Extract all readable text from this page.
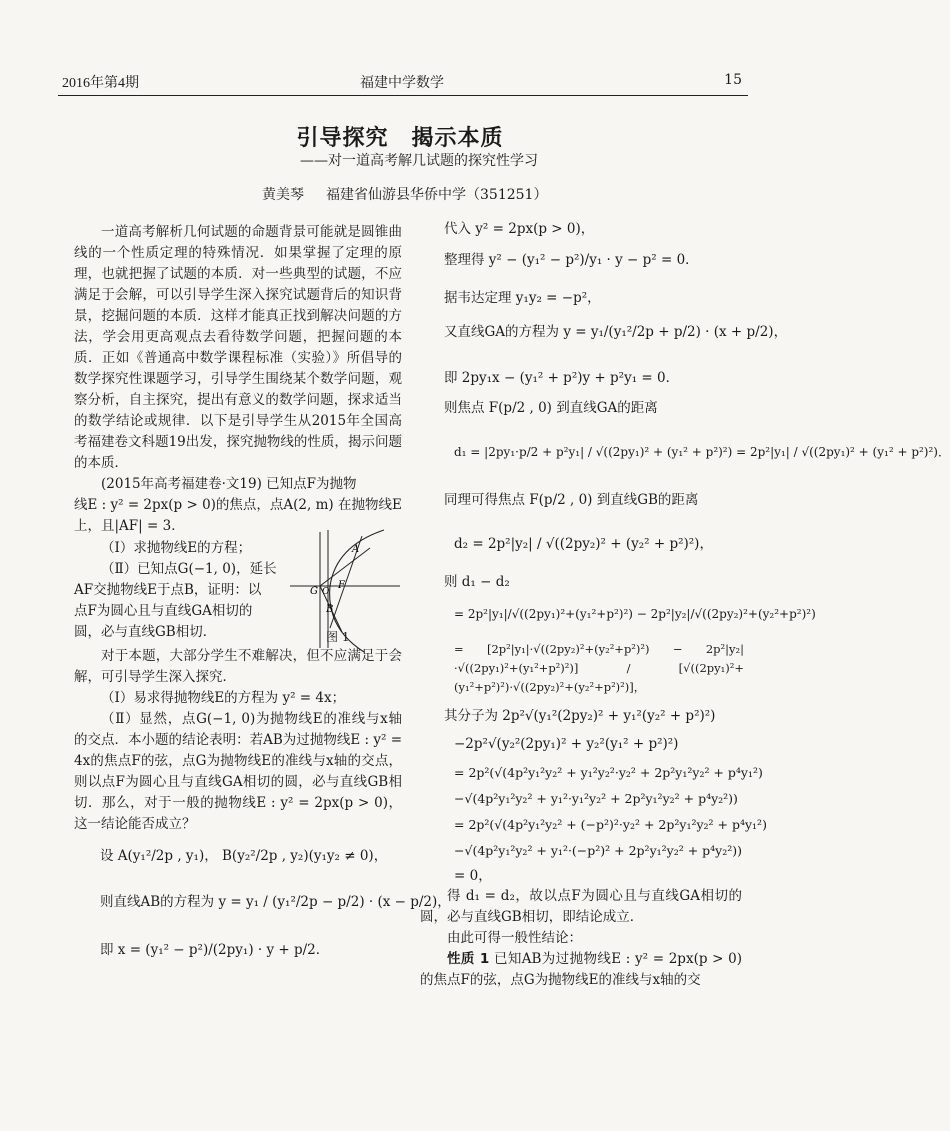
2016年第4期	福建中学数学	15
引导探究　揭示本质
——对一道高考解几试题的探究性学习
黄美琴 福建省仙游县华侨中学（351251）

一道高考解析几何试题的命题背景可能就是圆锥曲线的一个性质定理的特殊情况．如果掌握了定理的原理，也就把握了试题的本质．对一些典型的试题，不应满足于会解，可以引导学生深入探究试题背后的知识背景，挖掘问题的本质．这样才能真正找到解决问题的方法，学会用更高观点去看待数学问题，把握问题的本质．正如《普通高中数学课程标准（实验）》所倡导的数学探究性课题学习，引导学生围绕某个数学问题，观察分析，自主探究，提出有意义的数学问题，探求适当的数学结论或规律．以下是引导学生从2015年全国高考福建卷文科题19出发，探究抛物线的性质，揭示问题的本质．

(2015年高考福建卷·文19) 已知点F为抛物

线E : y² = 2px(p > 0)的焦点，点A(2, m) 在抛物线E

上，且|AF| = 3．

（Ⅰ）求抛物线E的方程；

（Ⅱ）已知点G(−1, 0)，延长

AF交抛物线E于点B，证明：以

点F为圆心且与直线GA相切的

圆，必与直线GB相切．

A
G O
F
B
图 1

对于本题，大部分学生不难解决，但不应满足于会解，可引导学生深入探究．

（Ⅰ）易求得抛物线E的方程为 y² = 4x；

（Ⅱ）显然，点G(−1, 0)为抛物线E的准线与x轴的交点．本小题的结论表明：若AB为过抛物线E : y² = 4x的焦点F的弦，点G为抛物线E的准线与x轴的交点，则以点F为圆心且与直线GA相切的圆，必与直线GB相切．那么，对于一般的抛物线E : y² = 2px(p > 0)，这一结论能否成立？

设 A(y₁²/2p , y₁)， B(y₂²/2p , y₂)(y₁y₂ ≠ 0)，
则直线AB的方程为 y = y₁ / (y₁²/2p − p/2) · (x − p/2)，
即 x = (y₁² − p²)/(2py₁) · y + p/2．
代入 y² = 2px(p > 0)，
整理得 y² − (y₁² − p²)/y₁ · y − p² = 0．
据韦达定理 y₁y₂ = −p²，
又直线GA的方程为 y = y₁/(y₁²/2p + p/2) · (x + p/2)，
即 2py₁x − (y₁² + p²)y + p²y₁ = 0．
则焦点 F(p/2 , 0) 到直线GA的距离
d₁ = |2py₁·p/2 + p²y₁| / √((2py₁)² + (y₁² + p²)²) = 2p²|y₁| / √((2py₁)² + (y₁² + p²)²)．
同理可得焦点 F(p/2 , 0) 到直线GB的距离
d₂ = 2p²|y₂| / √((2py₂)² + (y₂² + p²)²)，
则 d₁ − d₂
= 2p²|y₁|/√((2py₁)²+(y₁²+p²)²) − 2p²|y₂|/√((2py₂)²+(y₂²+p²)²)

= [2p²|y₁|·√((2py₂)²+(y₂²+p²)²) − 2p²|y₂|·√((2py₁)²+(y₁²+p²)²)] / [√((2py₁)²+(y₁²+p²)²)·√((2py₂)²+(y₂²+p²)²)]，

其分子为 2p²√(y₁²(2py₂)² + y₁²(y₂² + p²)²)
−2p²√(y₂²(2py₁)² + y₂²(y₁² + p²)²)
= 2p²(√(4p²y₁²y₂² + y₁²y₂²·y₂² + 2p²y₁²y₂² + p⁴y₁²)
−√(4p²y₁²y₂² + y₁²·y₁²y₂² + 2p²y₁²y₂² + p⁴y₂²))
= 2p²(√(4p²y₁²y₂² + (−p²)²·y₂² + 2p²y₁²y₂² + p⁴y₁²)
−√(4p²y₁²y₂² + y₁²·(−p²)² + 2p²y₁²y₂² + p⁴y₂²))
= 0，

得 d₁ = d₂，故以点F为圆心且与直线GA相切的圆，必与直线GB相切，即结论成立．

由此可得一般性结论：

性质 1 已知AB为过抛物线E : y² = 2px(p > 0)的焦点F的弦，点G为抛物线E的准线与x轴的交
